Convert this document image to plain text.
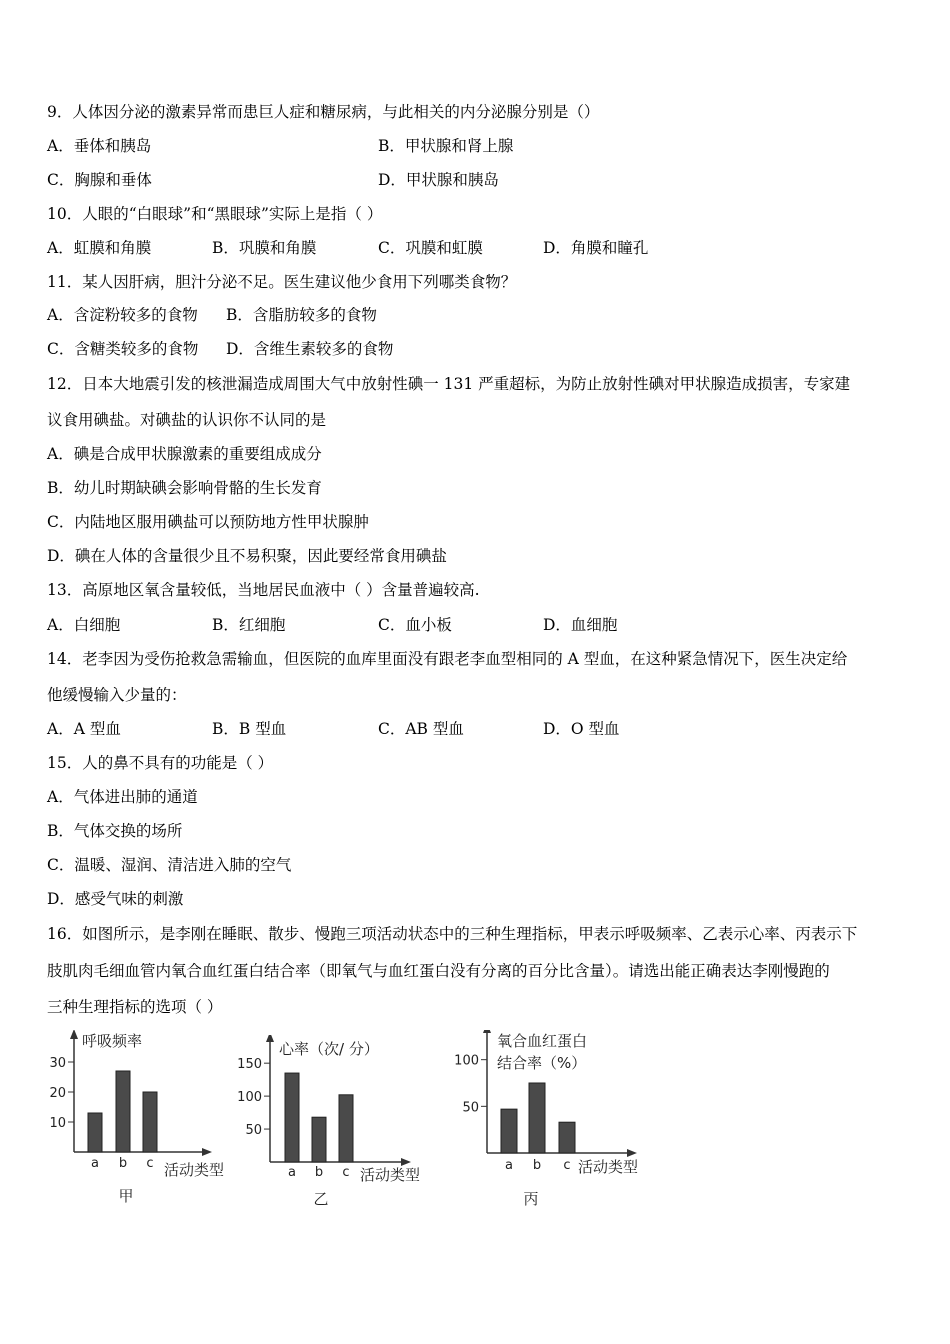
9．人体因分泌的激素异常而患巨人症和糖尿病，与此相关的内分泌腺分别是（）
A．垂体和胰岛	B．甲状腺和肾上腺
C．胸腺和垂体	D．甲状腺和胰岛
10．人眼的“白眼球”和“黑眼球”实际上是指（ ）
A．虹膜和角膜	B．巩膜和角膜	C．巩膜和虹膜	D．角膜和瞳孔
11．某人因肝病，胆汁分泌不足。医生建议他少食用下列哪类食物？
A．含淀粉较多的食物 B．含脂肪较多的食物
C．含糖类较多的食物 D．含维生素较多的食物
12．日本大地震引发的核泄漏造成周围大气中放射性碘一 131 严重超标，为防止放射性碘对甲状腺造成损害，专家建
议食用碘盐。对碘盐的认识你不认同的是
A．碘是合成甲状腺激素的重要组成成分
B．幼儿时期缺碘会影响骨骼的生长发育
C．内陆地区服用碘盐可以预防地方性甲状腺肿
D．碘在人体的含量很少且不易积聚，因此要经常食用碘盐
13．高原地区氧含量较低，当地居民血液中（ ）含量普遍较高.
A．白细胞	B．红细胞	C．血小板	D．血细胞
14．老李因为受伤抢救急需输血，但医院的血库里面没有跟老李血型相同的 A 型血，在这种紧急情况下，医生决定给
他缓慢输入少量的：
A．A 型血	B．B 型血	C．AB 型血	D．O 型血
15．人的鼻不具有的功能是（ ）
A．气体进出肺的通道
B．气体交换的场所
C．温暖、湿润、清洁进入肺的空气
D．感受气味的刺激
16．如图所示，是李刚在睡眠、散步、慢跑三项活动状态中的三种生理指标，甲表示呼吸频率、乙表示心率、丙表示下
肢肌肉毛细血管内氧合血红蛋白结合率（即氧气与血红蛋白没有分离的百分比含量）。请选出能正确表达李刚慢跑的
三种生理指标的选项（ ）
10
20
30
a b c
呼吸频率
活动类型
甲
50
100
150
a b c
心率（次/ 分）
活动类型
乙
50
100
a b c
氧合血红蛋白
结合率（%）
活动类型
丙
